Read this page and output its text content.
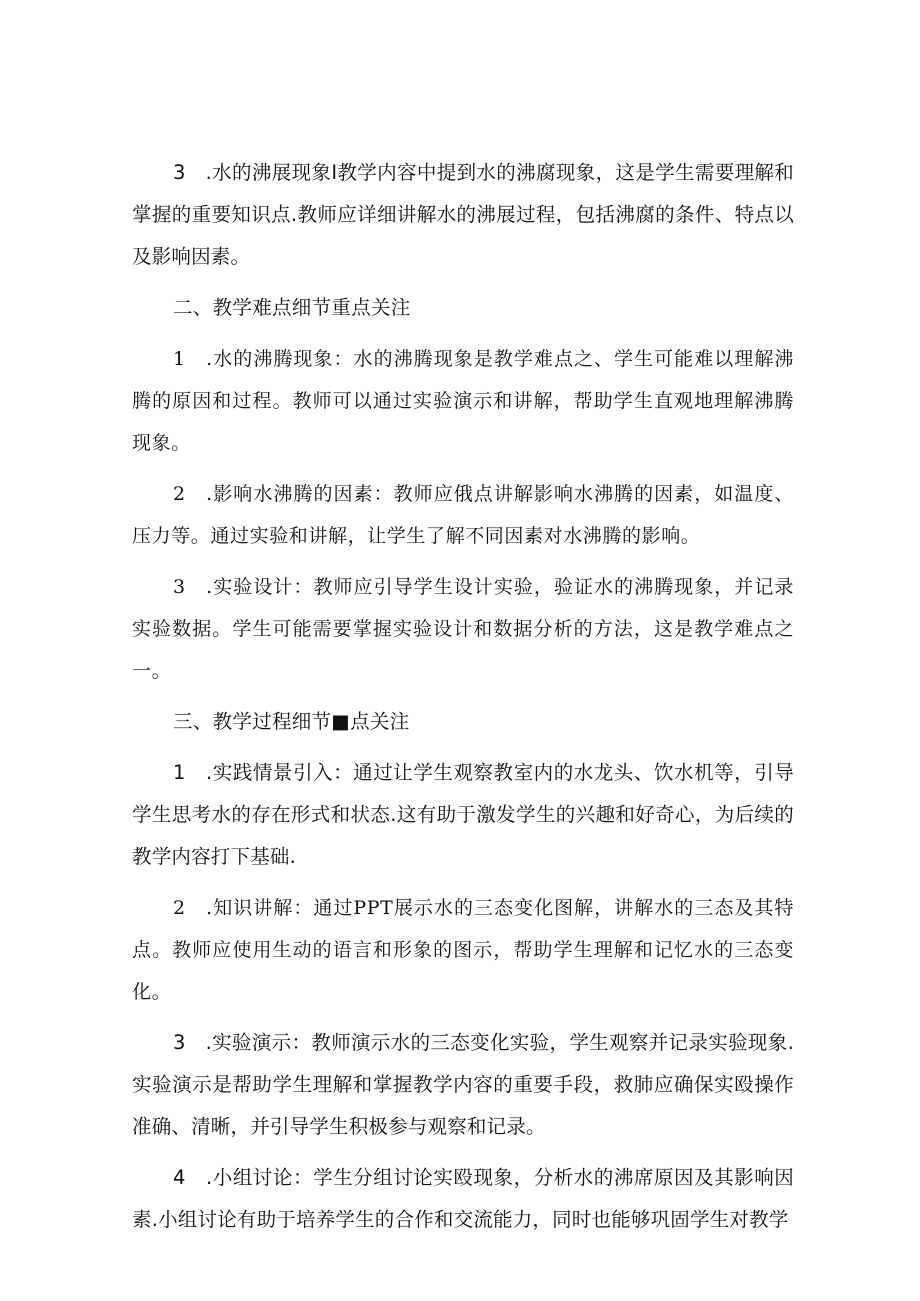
3　.水的沸展现象I教学内容中提到水的沸腐现象，这是学生需要理解和掌握的重要知识点.教师应详细讲解水的沸展过程，包括沸腐的条件、特点以及影响因素。

二、教学难点细节重点关注

1　.水的沸腾现象：水的沸腾现象是教学难点之、学生可能难以理解沸腾的原因和过程。教师可以通过实验演示和讲解，帮助学生直观地理解沸腾现象。

2　.影响水沸腾的因素：教师应俄点讲解影响水沸腾的因素，如温度、压力等。通过实验和讲解，让学生了解不同因素对水沸腾的影响。

3　.实验设计：教师应引导学生设计实验，验证水的沸腾现象，并记录实验数据。学生可能需要掌握实验设计和数据分析的方法，这是教学难点之一。

三、教学过程细节■点关注

1　.实践情景引入：通过让学生观察教室内的水龙头、饮水机等，引导学生思考水的存在形式和状态.这有助于激发学生的兴趣和好奇心，为后续的教学内容打下基础.

2　.知识讲解：通过PPT展示水的三态变化图解，讲解水的三态及其特点。教师应使用生动的语言和形象的图示，帮助学生理解和记忆水的三态变化。

3　.实验演示：教师演示水的三态变化实验，学生观察并记录实验现象.实验演示是帮助学生理解和掌握教学内容的重要手段，救肺应确保实殴操作准确、清晰，并引导学生积极参与观察和记录。

4　.小组讨论：学生分组讨论实殴现象，分析水的沸席原因及其影响因素.小组讨论有助于培养学生的合作和交流能力，同时也能够巩固学生对教学
